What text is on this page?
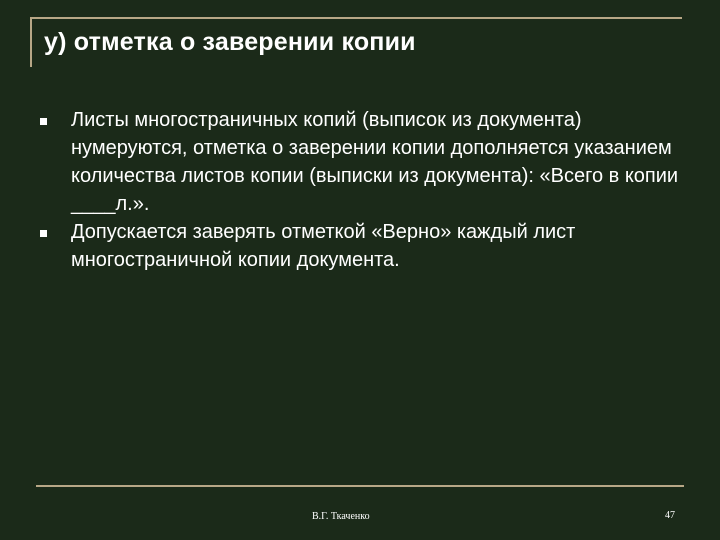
у) отметка о заверении копии
Листы многостраничных копий (выписок из документа) нумеруются, отметка о заверении копии дополняется указанием количества листов копии (выписки из документа): «Всего в копии ____л.».
Допускается заверять отметкой «Верно» каждый лист многостраничной копии документа.
В.Г. Ткаченко	47
